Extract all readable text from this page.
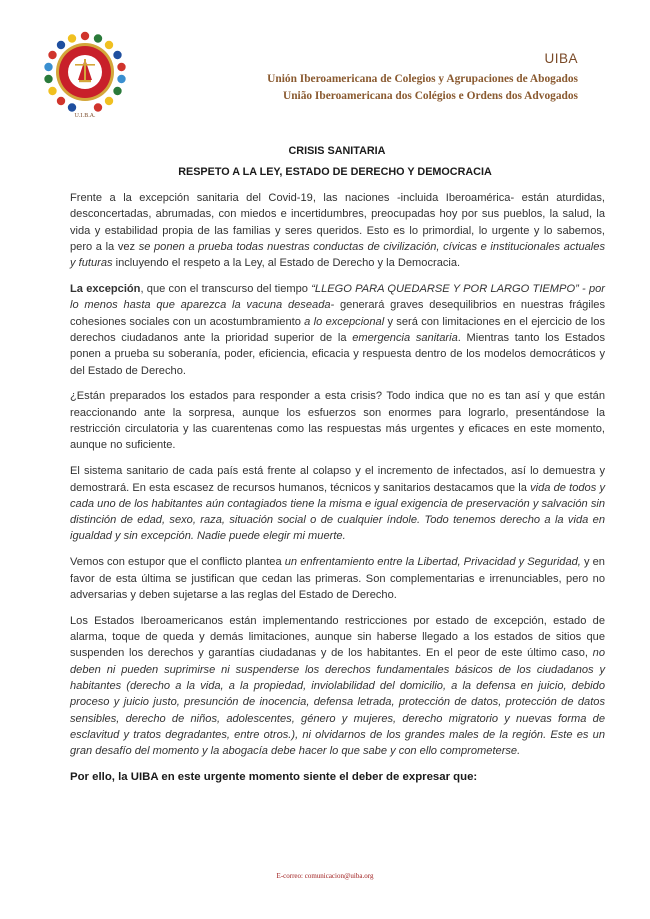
U.I.B.A.
UIBA
Unión Iberoamericana de Colegios y Agrupaciones de Abogados
União Iberoamericana dos Colégios e Ordens dos Advogados
CRISIS SANITARIA
RESPETO A LA LEY, ESTADO DE DERECHO Y DEMOCRACIA

Frente a la excepción sanitaria del Covid-19, las naciones -incluida Iberoamérica- están aturdidas, desconcertadas, abrumadas, con miedos e incertidumbres, preocupadas hoy por sus pueblos, la salud, la vida y estabilidad propia de las familias y seres queridos. Esto es lo primordial, lo urgente y lo sabemos, pero a la vez se ponen a prueba todas nuestras conductas de civilización, cívicas e institucionales actuales y futuras incluyendo el respeto a la Ley, al Estado de Derecho y la Democracia.

La excepción, que con el transcurso del tiempo “LLEGO PARA QUEDARSE Y POR LARGO TIEMPO” - por lo menos hasta que aparezca la vacuna deseada- generará graves desequilibrios en nuestras frágiles cohesiones sociales con un acostumbramiento a lo excepcional y será con limitaciones en el ejercicio de los derechos ciudadanos ante la prioridad superior de la emergencia sanitaria. Mientras tanto los Estados ponen a prueba su soberanía, poder, eficiencia, eficacia y respuesta dentro de los modelos democráticos y del Estado de Derecho.

¿Están preparados los estados para responder a esta crisis? Todo indica que no es tan así y que están reaccionando ante la sorpresa, aunque los esfuerzos son enormes para lograrlo, presentándose la restricción circulatoria y las cuarentenas como las respuestas más urgentes y eficaces en este momento, aunque no suficiente.

El sistema sanitario de cada país está frente al colapso y el incremento de infectados, así lo demuestra y demostrará. En esta escasez de recursos humanos, técnicos y sanitarios destacamos que la vida de todos y cada uno de los habitantes aún contagiados tiene la misma e igual exigencia de preservación y salvación sin distinción de edad, sexo, raza, situación social o de cualquier índole. Todo tenemos derecho a la vida en igualdad y sin excepción. Nadie puede elegir mi muerte.

Vemos con estupor que el conflicto plantea un enfrentamiento entre la Libertad, Privacidad y Seguridad, y en favor de esta última se justifican que cedan las primeras. Son complementarias e irrenunciables, pero no adversarias y deben sujetarse a las reglas del Estado de Derecho.

Los Estados Iberoamericanos están implementando restricciones por estado de excepción, estado de alarma, toque de queda y demás limitaciones, aunque sin haberse llegado a los estados de sitios que suspenden los derechos y garantías ciudadanas y de los habitantes. En el peor de este último caso, no deben ni pueden suprimirse ni suspenderse los derechos fundamentales básicos de los ciudadanos y habitantes (derecho a la vida, a la propiedad, inviolabilidad del domicilio, a la defensa en juicio, debido proceso y juicio justo, presunción de inocencia, defensa letrada, protección de datos, protección de datos sensibles, derecho de niños, adolescentes, género y mujeres, derecho migratorio y nuevas forma de esclavitud y tratos degradantes, entre otros.), ni olvidarnos de los grandes males de la región. Este es un gran desafío del momento y la abogacía debe hacer lo que sabe y con ello comprometerse.

Por ello, la UIBA en este urgente momento siente el deber de expresar que:

E-correo: comunicacion@uiba.org
